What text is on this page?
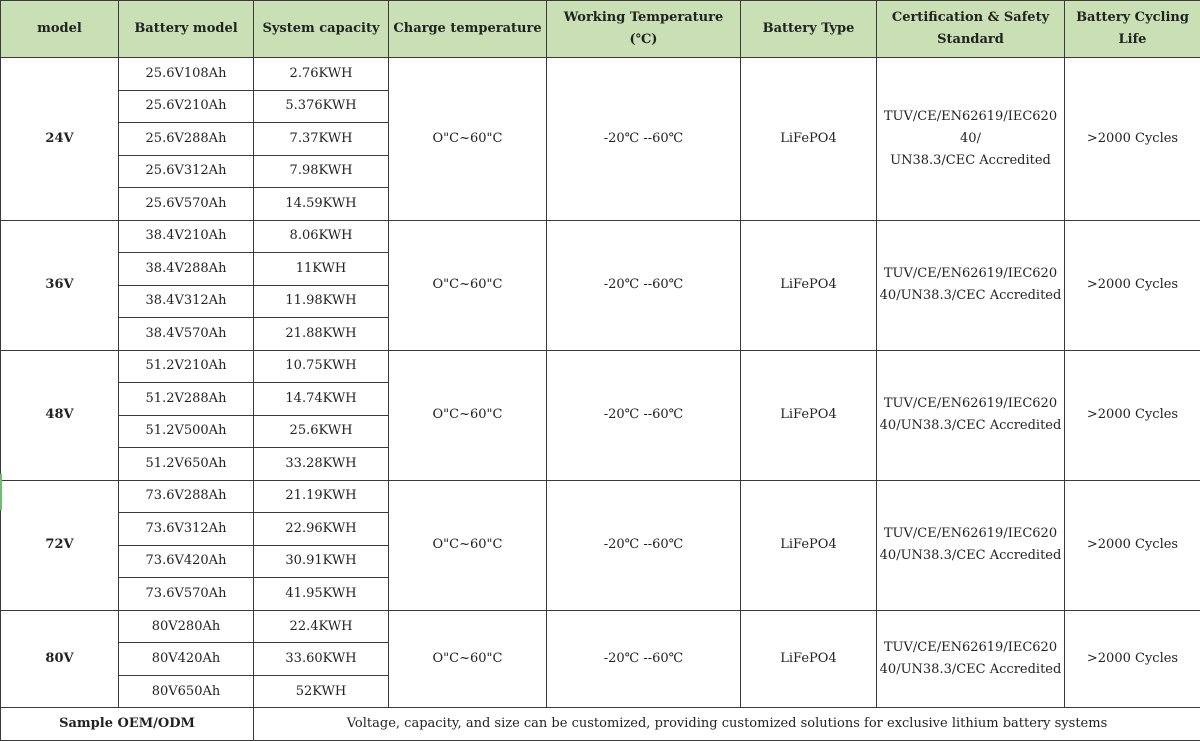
model	Battery model	System capacity	Charge temperature	Working Temperature (℃)	Battery Type	Certification & Safety Standard	Battery Cycling Life
24V	25.6V108Ah	2.76KWH	O"C~60"C	-20℃ --60℃	LiFePO4	TUV/CE/EN62619/IEC620
40/
UN38.3/CEC Accredited	>2000 Cycles
	25.6V210Ah	5.376KWH					
	25.6V288Ah	7.37KWH					
	25.6V312Ah	7.98KWH					
	25.6V570Ah	14.59KWH					
36V	38.4V210Ah	8.06KWH	O"C~60"C	-20℃ --60℃	LiFePO4	TUV/CE/EN62619/IEC620
40/UN38.3/CEC Accredited	>2000 Cycles
	38.4V288Ah	11KWH					
	38.4V312Ah	11.98KWH					
	38.4V570Ah	21.88KWH					
48V	51.2V210Ah	10.75KWH	O"C~60"C	-20℃ --60℃	LiFePO4	TUV/CE/EN62619/IEC620
40/UN38.3/CEC Accredited	>2000 Cycles
	51.2V288Ah	14.74KWH					
	51.2V500Ah	25.6KWH					
	51.2V650Ah	33.28KWH					
72V	73.6V288Ah	21.19KWH	O"C~60"C	-20℃ --60℃	LiFePO4	TUV/CE/EN62619/IEC620
40/UN38.3/CEC Accredited	>2000 Cycles
	73.6V312Ah	22.96KWH					
	73.6V420Ah	30.91KWH					
	73.6V570Ah	41.95KWH					
80V	80V280Ah	22.4KWH	O"C~60"C	-20℃ --60℃	LiFePO4	TUV/CE/EN62619/IEC620
40/UN38.3/CEC Accredited	>2000 Cycles
	80V420Ah	33.60KWH					
	80V650Ah	52KWH					
Sample OEM/ODM		Voltage, capacity, and size can be customized, providing customized solutions for exclusive lithium battery systems					
